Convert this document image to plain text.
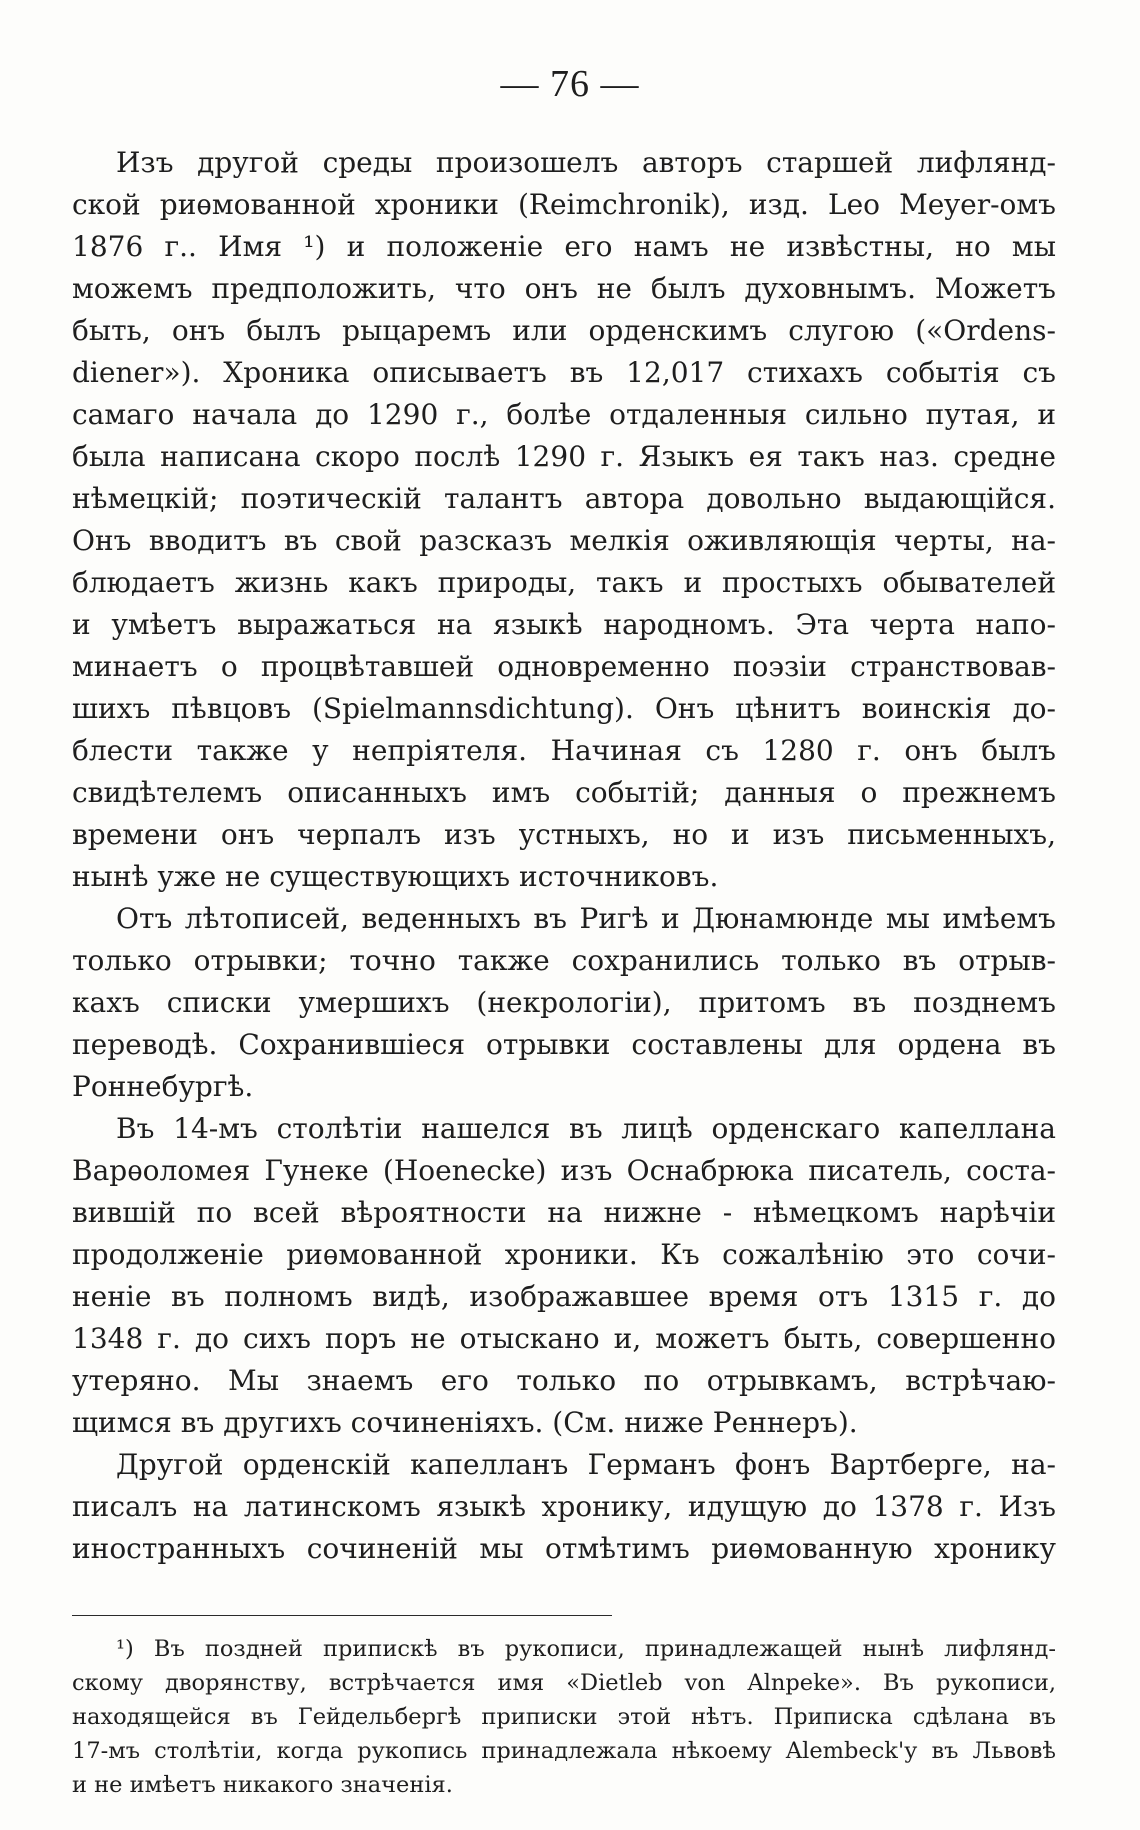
— 76 —
Изъ другой среды произошелъ авторъ старшей лифлянд-
ской риѳмованной хроники (Reimchronik), изд. Leo Meyer-омъ
1876 г.. Имя ¹) и положеніе его намъ не извѣстны, но мы
можемъ предположить, что онъ не былъ духовнымъ. Можетъ
быть, онъ былъ рыцаремъ или орденскимъ слугою («Ordens-
diener»). Хроника описываетъ въ 12,017 стихахъ событія съ
самаго начала до 1290 г., болѣе отдаленныя сильно путая, и
была написана скоро послѣ 1290 г. Языкъ ея такъ наз. средне
нѣмецкій; поэтическій талантъ автора довольно выдающійся.
Онъ вводитъ въ свой разсказъ мелкія оживляющія черты, на-
блюдаетъ жизнь какъ природы, такъ и простыхъ обывателей
и умѣетъ выражаться на языкѣ народномъ. Эта черта напо-
минаетъ о процвѣтавшей одновременно поэзіи странствовав-
шихъ пѣвцовъ (Spielmannsdichtung). Онъ цѣнитъ воинскія до-
блести также у непріятеля. Начиная съ 1280 г. онъ былъ
свидѣтелемъ описанныхъ имъ событій; данныя о прежнемъ
времени онъ черпалъ изъ устныхъ, но и изъ письменныхъ,
нынѣ уже не существующихъ источниковъ.
Отъ лѣтописей, веденныхъ въ Ригѣ и Дюнамюнде мы имѣемъ
только отрывки; точно также сохранились только въ отрыв-
кахъ списки умершихъ (некрологіи), притомъ въ позднемъ
переводѣ. Сохранившіеся отрывки составлены для ордена въ
Роннебургѣ.
Въ 14-мъ столѣтіи нашелся въ лицѣ орденскаго капеллана
Варѳоломея Гунеке (Hoenecke) изъ Оснабрюка писатель, соста-
вившій по всей вѣроятности на нижне - нѣмецкомъ нарѣчіи
продолженіе риѳмованной хроники. Къ сожалѣнію это сочи-
неніе въ полномъ видѣ, изображавшее время отъ 1315 г. до
1348 г. до сихъ поръ не отыскано и, можетъ быть, совершенно
утеряно. Мы знаемъ его только по отрывкамъ, встрѣчаю-
щимся въ другихъ сочиненіяхъ. (См. ниже Реннеръ).
Другой орденскій капелланъ Германъ фонъ Вартберге, на-
писалъ на латинскомъ языкѣ хронику, идущую до 1378 г. Изъ
иностранныхъ сочиненій мы отмѣтимъ риѳмованную хронику
¹) Въ поздней припискѣ въ рукописи, принадлежащей нынѣ лифлянд-
скому дворянству, встрѣчается имя «Dietleb von Alnpeke». Въ рукописи,
находящейся въ Гейдельбергѣ приписки этой нѣтъ. Приписка сдѣлана въ
17-мъ столѣтіи, когда рукопись принадлежала нѣкоему Alembeck'у въ Львовѣ
и не имѣетъ никакого значенія.
